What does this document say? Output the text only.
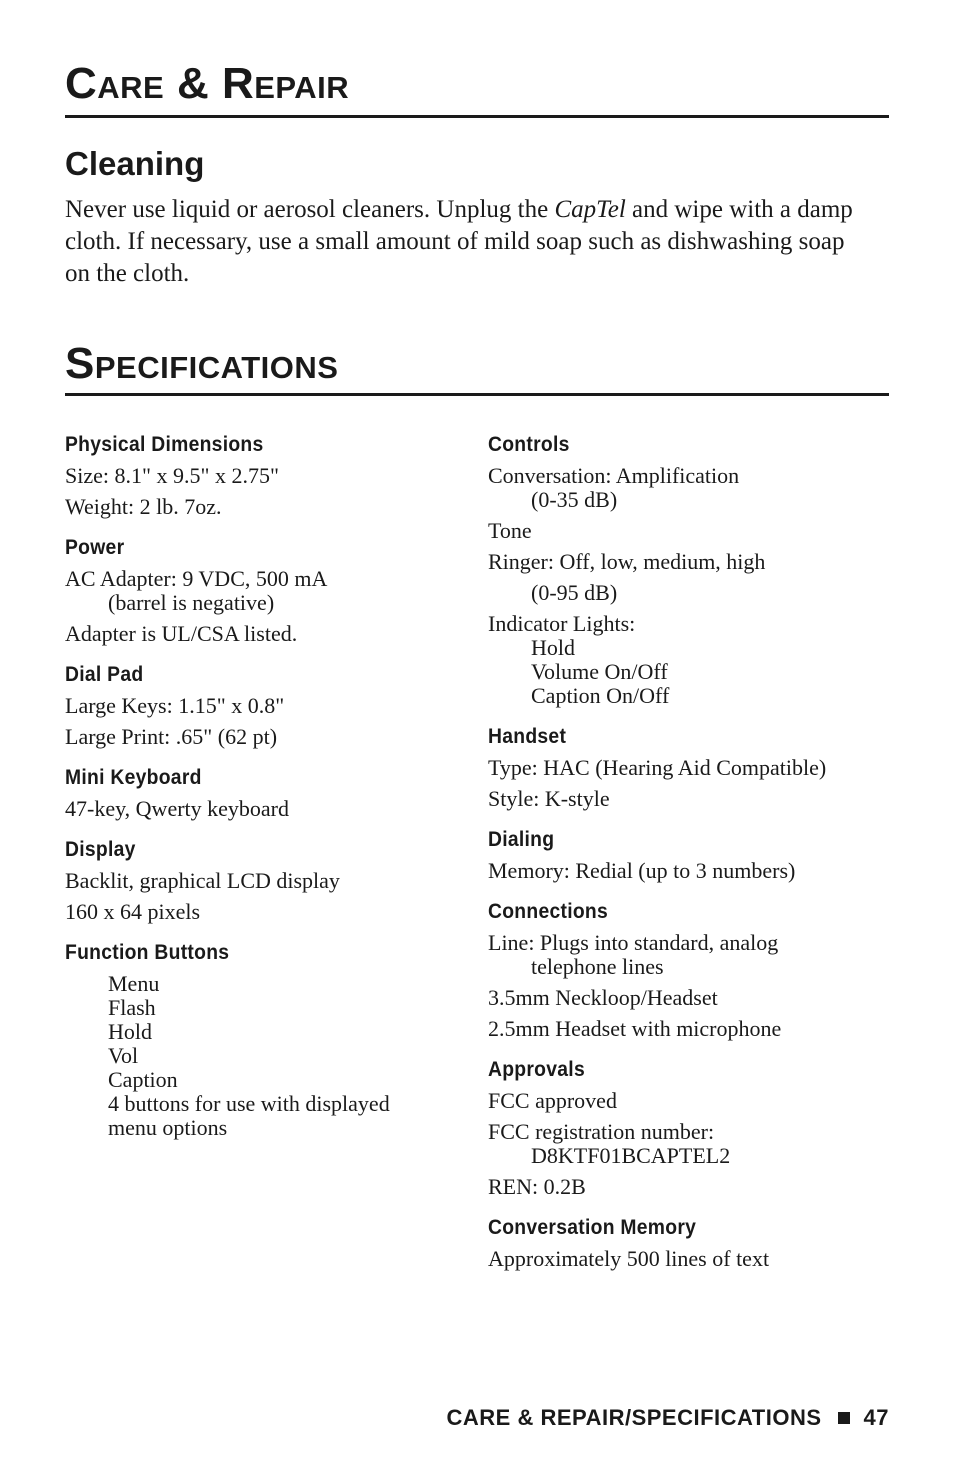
Care & Repair
Cleaning

Never use liquid or aerosol cleaners. Unplug the CapTel and wipe with a damp cloth. If necessary, use a small amount of mild soap such as dishwashing soap on the cloth.

Specifications
Physical Dimensions

Size: 8.1" x 9.5" x 2.75"

Weight: 2 lb. 7oz.

Power

AC Adapter: 9 VDC, 500 mA
(barrel is negative)

Adapter is UL/CSA listed.

Dial Pad

Large Keys: 1.15" x 0.8"

Large Print: .65" (62 pt)

Mini Keyboard

47-key, Qwerty keyboard

Display

Backlit, graphical LCD display

160 x 64 pixels

Function Buttons

Menu

Flash

Hold

Vol

Caption

4 buttons for use with displayed

menu options

Controls

Conversation: Amplification
(0-35 dB)

Tone

Ringer: Off, low, medium, high

(0-95 dB)

Indicator Lights:
Hold
Volume On/Off
Caption On/Off

Handset

Type: HAC (Hearing Aid Compatible)

Style: K-style

Dialing

Memory: Redial (up to 3 numbers)

Connections

Line: Plugs into standard, analog
telephone lines

3.5mm Neckloop/Headset

2.5mm Headset with microphone

Approvals

FCC approved

FCC registration number:
D8KTF01BCAPTEL2

REN: 0.2B

Conversation Memory

Approximately 500 lines of text

CARE & REPAIR/SPECIFICATIONS 47
